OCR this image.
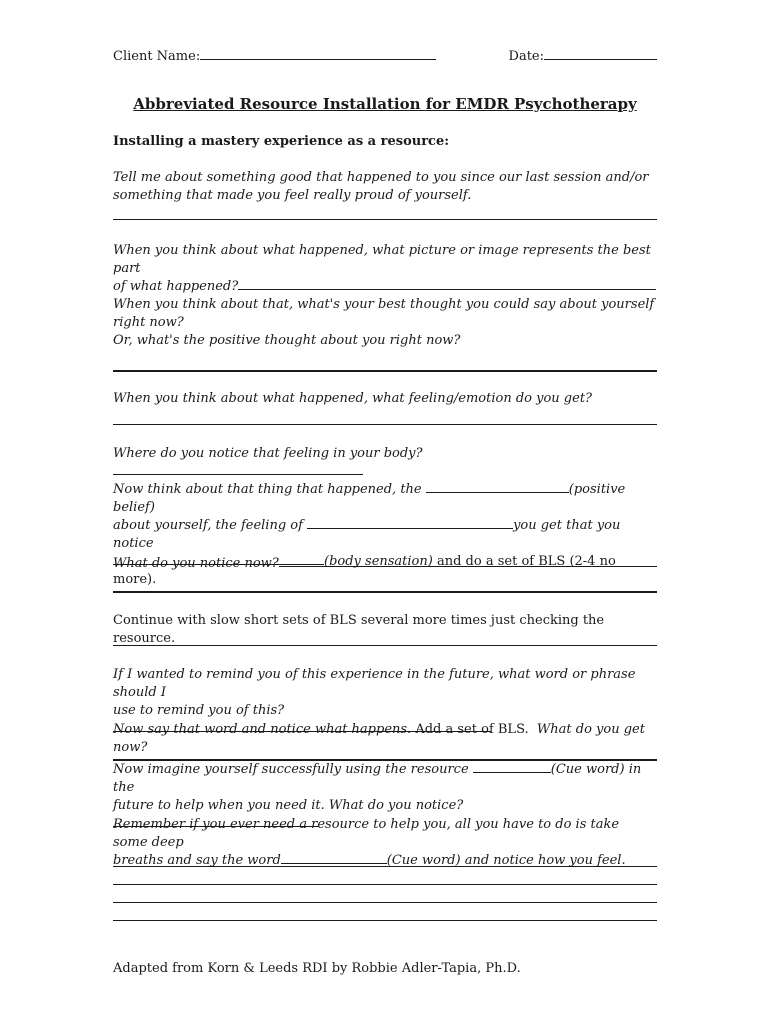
Client Name:	Date:
Abbreviated Resource Installation for EMDR Psychotherapy
Installing a mastery experience as a resource:
Tell me about something good that happened to you since our last session and/or
something that made you feel really proud of yourself.
When you think about what happened, what picture or image represents the best part
of what happened?
When you think about that, what's your best thought you could say about yourself
right now?
Or, what's the positive thought about you right now?
When you think about what happened, what feeling/emotion do you get?
Where do you notice that feeling in your body?
Now think about that thing that happened, the	(positive belief)
about yourself, the feeling of	you get that you notice
(body sensation) and do a set of BLS (2-4 no more).
What do you notice now?
Continue with slow short sets of BLS several more times just checking the resource.
If I wanted to remind you of this experience in the future, what word or phrase should I
use to remind you of this?
Now say that word and notice what happens. Add a set of BLS. What do you get now?
Now imagine yourself successfully using the resource	(Cue word) in the
future to help when you need it. What do you notice?
Remember if you ever need a resource to help you, all you have to do is take some deep
breaths and say the word	(Cue word) and notice how you feel.
Adapted from Korn & Leeds RDI by Robbie Adler-Tapia, Ph.D.
